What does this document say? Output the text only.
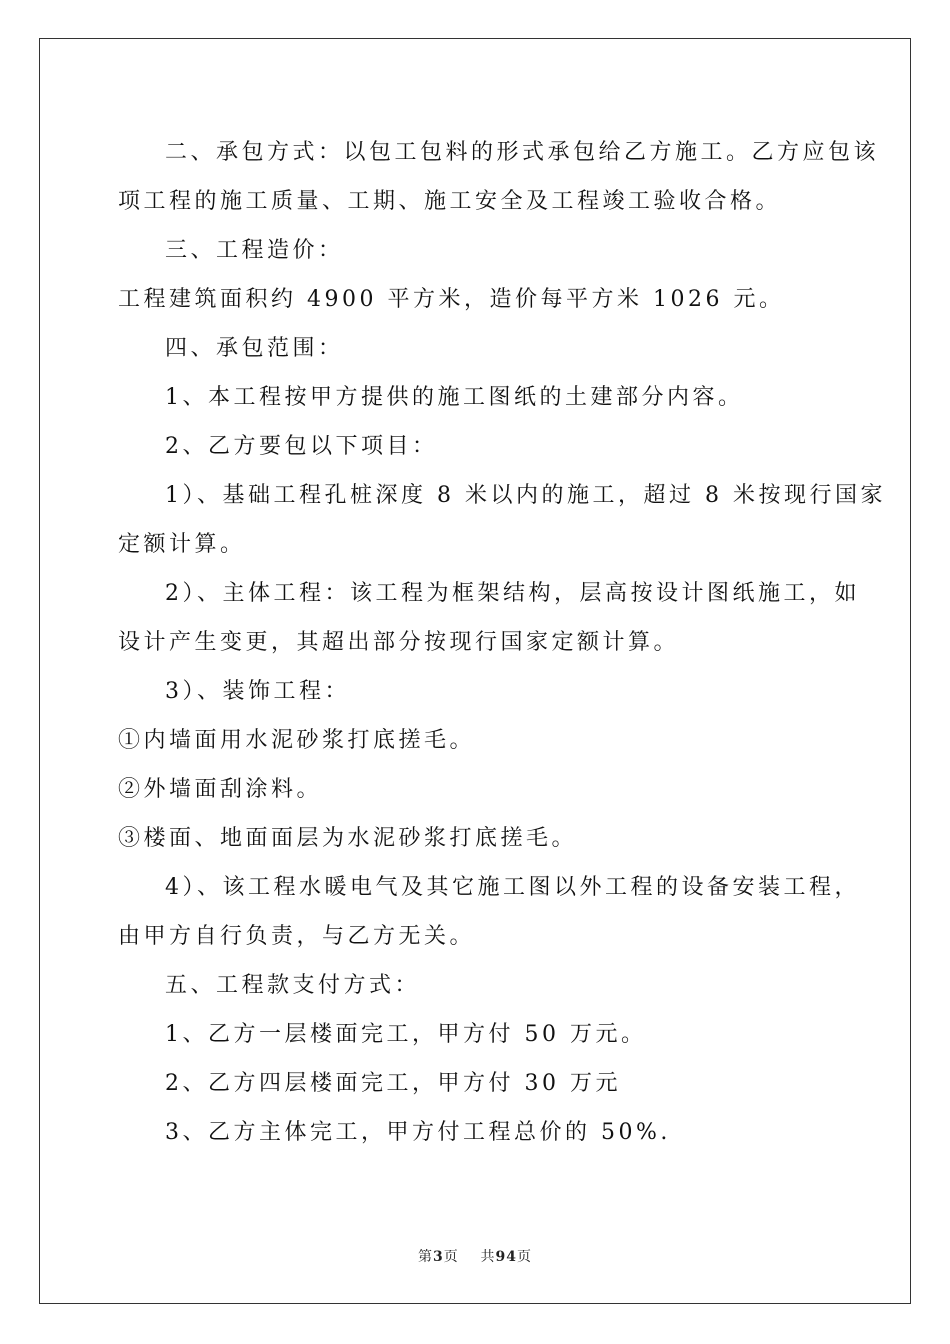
二、承包方式：以包工包料的形式承包给乙方施工。乙方应包该
项工程的施工质量、工期、施工安全及工程竣工验收合格。

三、工程造价：

工程建筑面积约 4900 平方米，造价每平方米 1026 元。

四、承包范围：

1、本工程按甲方提供的施工图纸的土建部分内容。

2、乙方要包以下项目：

1）、基础工程孔桩深度 8 米以内的施工，超过 8 米按现行国家
定额计算。

2）、主体工程：该工程为框架结构，层高按设计图纸施工，如
设计产生变更，其超出部分按现行国家定额计算。

3）、装饰工程：

①内墙面用水泥砂浆打底搓毛。

②外墙面刮涂料。

③楼面、地面面层为水泥砂浆打底搓毛。

4）、该工程水暖电气及其它施工图以外工程的设备安装工程，
由甲方自行负责，与乙方无关。

五、工程款支付方式：

1、乙方一层楼面完工，甲方付 50 万元。

2、乙方四层楼面完工，甲方付 30 万元

3、乙方主体完工，甲方付工程总价的 50%.

第3页 共94页
